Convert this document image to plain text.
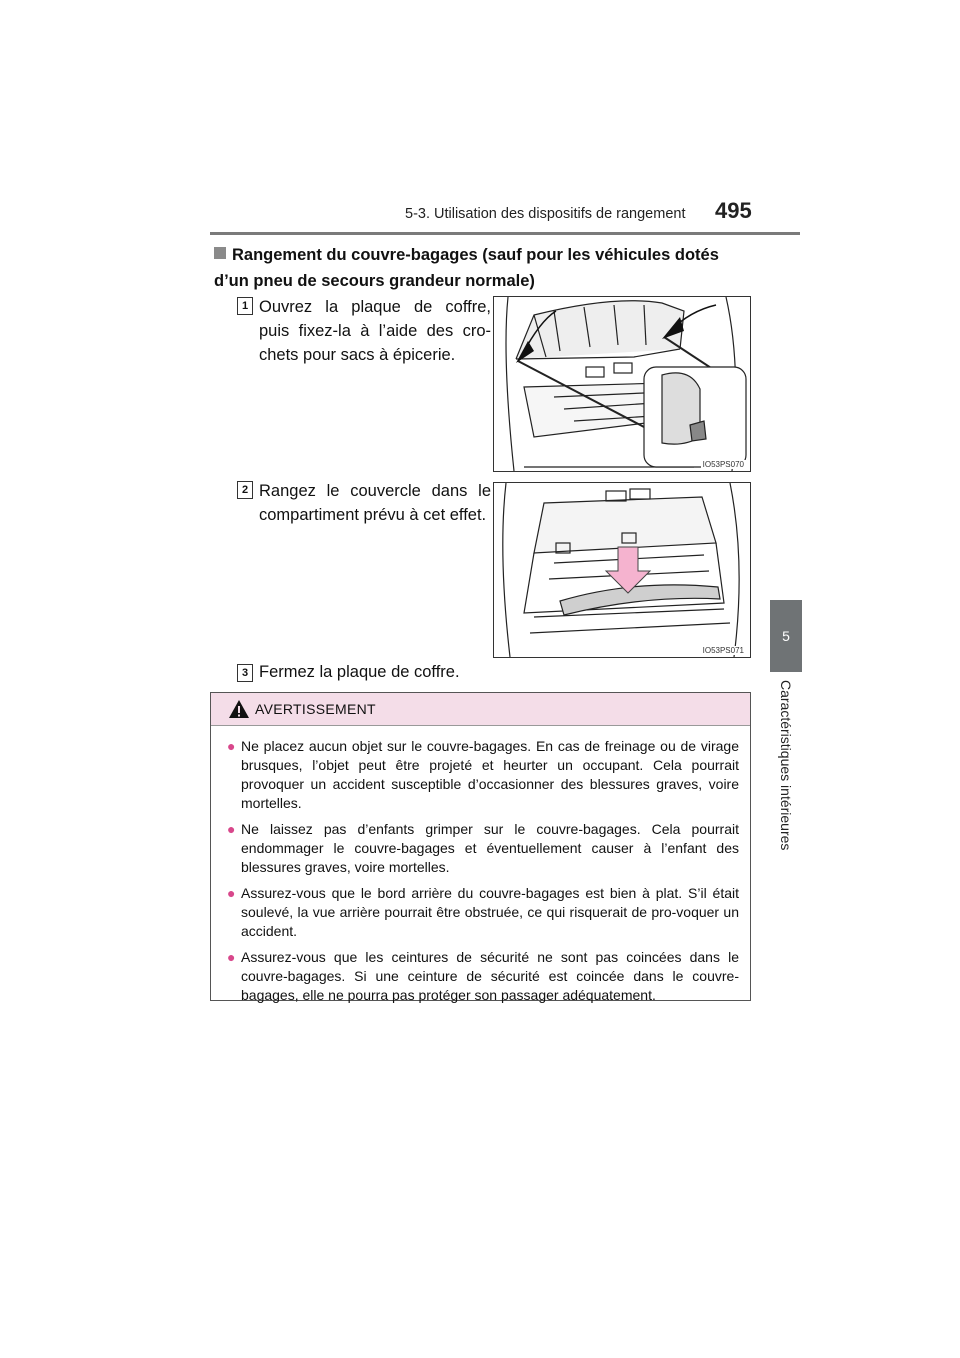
5-3. Utilisation des dispositifs de rangement 495
5
Caractéristiques intérieures
Rangement du couvre-bagages (sauf pour les véhicules dotés d’un pneu de secours grandeur normale)
1 Ouvrez la plaque de coffre, puis fixez-la à l’aide des cro-chets pour sacs à épicerie.
IO53PS070
2 Rangez le couvercle dans le compartiment prévu à cet effet.
IO53PS071
3 Fermez la plaque de coffre.
AVERTISSEMENT
● Ne placez aucun objet sur le couvre-bagages. En cas de freinage ou de virage brusques, l’objet peut être projeté et heurter un occupant. Cela pourrait provoquer un accident susceptible d’occasionner des blessures graves, voire mortelles.
● Ne laissez pas d’enfants grimper sur le couvre-bagages. Cela pourrait endommager le couvre-bagages et éventuellement causer à l’enfant des blessures graves, voire mortelles.
● Assurez-vous que le bord arrière du couvre-bagages est bien à plat. S’il était soulevé, la vue arrière pourrait être obstruée, ce qui risquerait de pro-voquer un accident.
● Assurez-vous que les ceintures de sécurité ne sont pas coincées dans le couvre-bagages. Si une ceinture de sécurité est coincée dans le couvre-bagages, elle ne pourra pas protéger son passager adéquatement.
